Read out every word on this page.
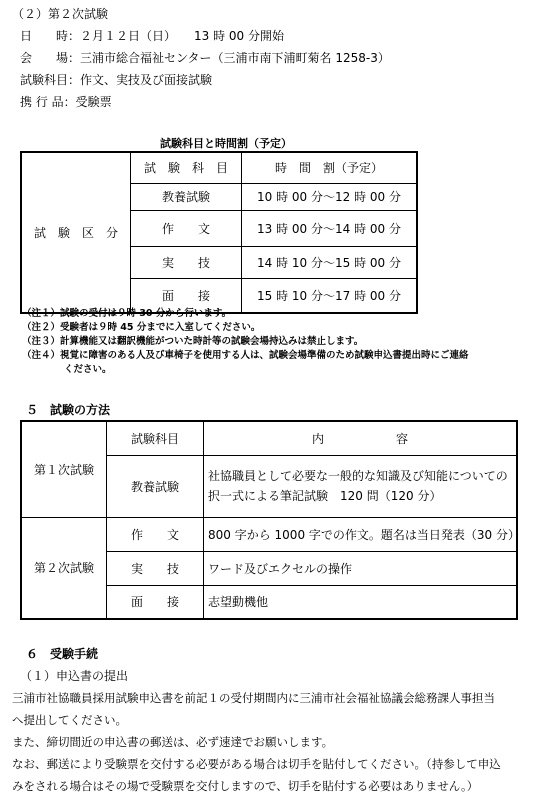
（２）第２次試験
日　　時：２月１２日（日）　　13 時 00 分開始
会　　場：三浦市総合福祉センター（三浦市南下浦町菊名 1258-3）
試験科目：作文、実技及び面接試験
携 行 品：受験票
試験科目と時間割（予定）
試　験　区　分	試　験　科　目	時　間　割（予定）
	教養試験	10 時 00 分～12 時 00 分
	作　　文	13 時 00 分～14 時 00 分
	実　　技	14 時 10 分～15 時 00 分
	面　　接	15 時 10 分～17 時 00 分
（注１）試験の受付は９時 30 分から行います。
（注２）受験者は９時 45 分までに入室してください。
（注３）計算機能又は翻訳機能がついた時計等の試験会場持込みは禁止します。
（注４）視覚に障害のある人及び車椅子を使用する人は、試験会場準備のため試験申込書提出時にご連絡
ください。
５　試験の方法
第１次試験	試験科目	内　　　　　　容
	教養試験	社協職員として必要な一般的な知識及び知能についての択一式による筆記試験　120 問（120 分）
第２次試験	作　　文	800 字から 1000 字での作文。題名は当日発表（30 分）
	実　　技	ワード及びエクセルの操作
	面　　接	志望動機他
６　受験手続
（１）申込書の提出
三浦市社協職員採用試験申込書を前記１の受付期間内に三浦市社会福祉協議会総務課人事担当
へ提出してください。
また、締切間近の申込書の郵送は、必ず速達でお願いします。
なお、郵送により受験票を交付する必要がある場合は切手を貼付してください。（持参して申込
みをされる場合はその場で受験票を交付しますので、切手を貼付する必要はありません。）
